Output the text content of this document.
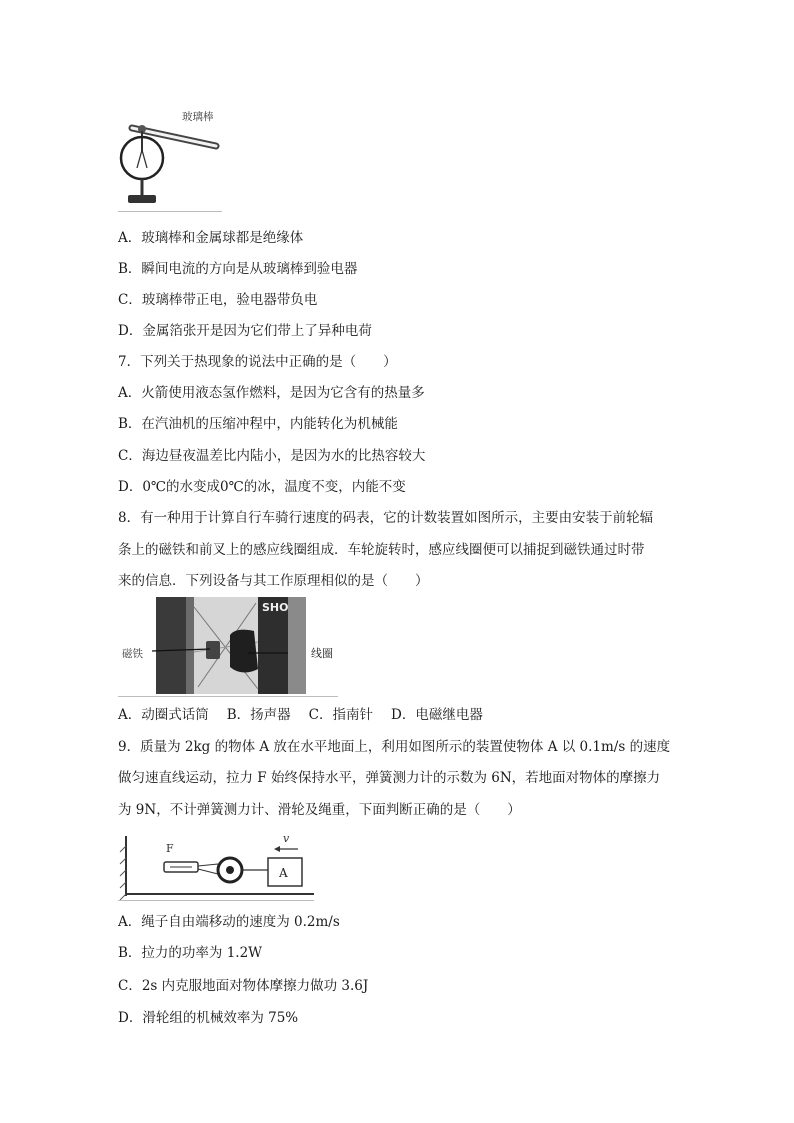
玻璃棒
A．玻璃棒和金属球都是绝缘体
B．瞬间电流的方向是从玻璃棒到验电器
C．玻璃棒带正电，验电器带负电
D．金属箔张开是因为它们带上了异种电荷
7．下列关于热现象的说法中正确的是（　　）
A．火箭使用液态氢作燃料，是因为它含有的热量多
B．在汽油机的压缩冲程中，内能转化为机械能
C．海边昼夜温差比内陆小，是因为水的比热容较大
D．0℃的水变成0℃的冰，温度不变，内能不变
8．有一种用于计算自行车骑行速度的码表，它的计数装置如图所示，主要由安装于前轮辐
条上的磁铁和前叉上的感应线圈组成．车轮旋转时，感应线圈便可以捕捉到磁铁通过时带
来的信息．下列设备与其工作原理相似的是（　　）
SHO
磁铁	线圈
A．动圈式话筒 B．扬声器 C．指南针 D．电磁继电器
9．质量为 2kg 的物体 A 放在水平地面上，利用如图所示的装置使物体 A 以 0.1m/s 的速度
做匀速直线运动，拉力 F 始终保持水平，弹簧测力计的示数为 6N，若地面对物体的摩擦力
为 9N，不计弹簧测力计、滑轮及绳重，下面判断正确的是（　　）
F
A
v
A．绳子自由端移动的速度为 0.2m/s
B．拉力的功率为 1.2W
C．2s 内克服地面对物体摩擦力做功 3.6J
D．滑轮组的机械效率为 75%
